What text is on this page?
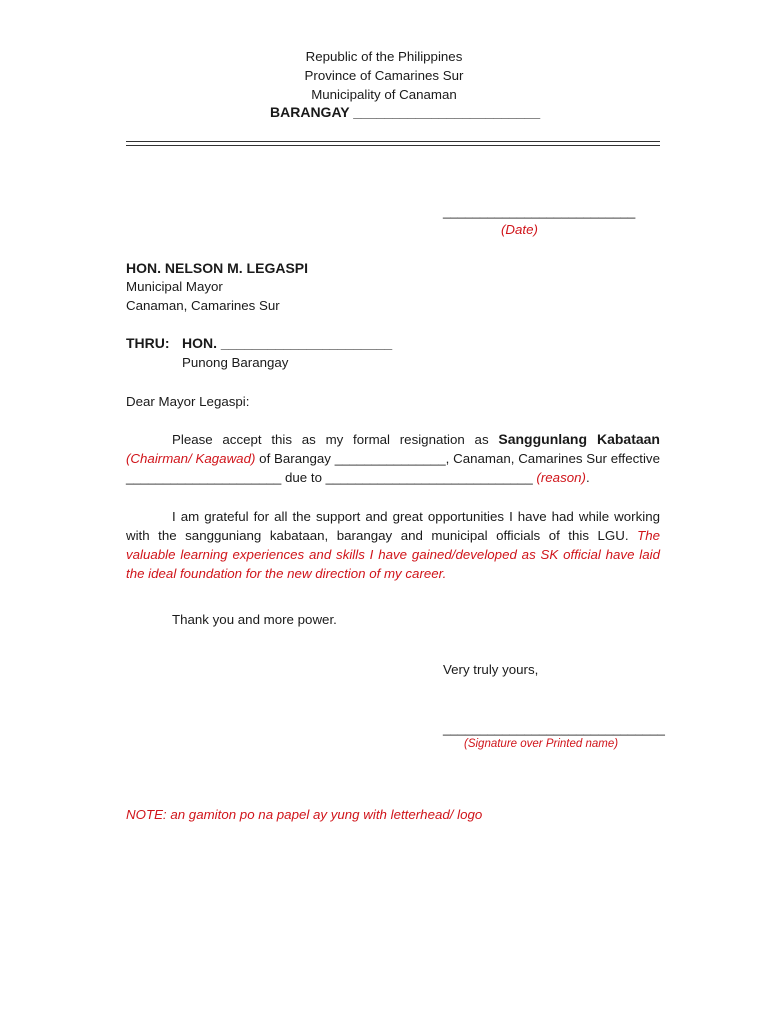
Republic of the Philippines
Province of Camarines Sur
Municipality of Canaman
BARANGAY ________________________
__________________________
(Date)
HON. NELSON M. LEGASPI
Municipal Mayor
Canaman, Camarines Sur
THRU: HON. ______________________
Punong Barangay
Dear Mayor Legaspi:
Please accept this as my formal resignation as Sanggunlang Kabataan (Chairman/ Kagawad) of Barangay _______________, Canaman, Camarines Sur effective _____________________ due to ____________________________ (reason).
I am grateful for all the support and great opportunities I have had while working with the sangguniang kabataan, barangay and municipal officials of this LGU. The valuable learning experiences and skills I have gained/developed as SK official have laid the ideal foundation for the new direction of my career.
Thank you and more power.
Very truly yours,
______________________________
(Signature over Printed name)
NOTE: an gamiton po na papel ay yung with letterhead/ logo
